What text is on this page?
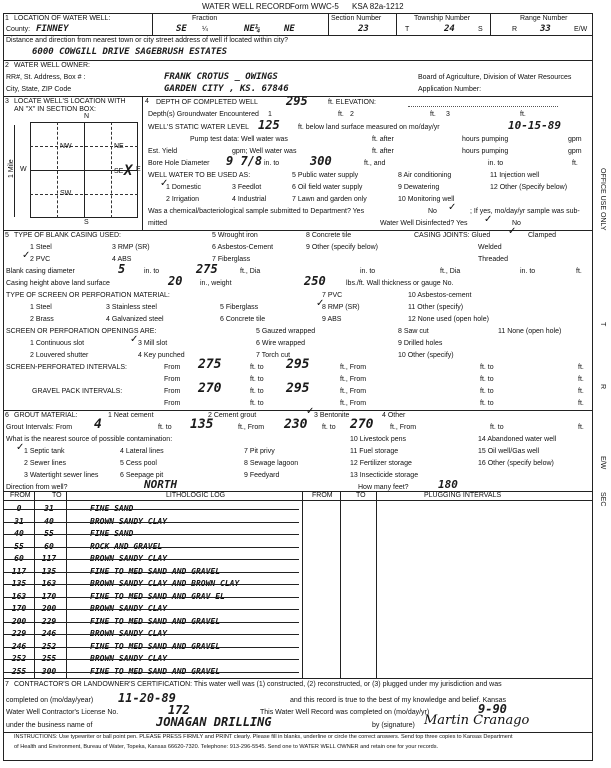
WATER WELL RECORD Form WWC-5 KSA 82a-1212
1 LOCATION OF WATER WELL:
County: FINNEY
Fraction
SE ¼	NE¼	NE
Section Number
23
Township Number
T	24	S
Range Number
R	33	E/W
Distance and direction from nearest town or city street address of well if located within city?
6000 COWGILL DRIVE SAGEBRUSH ESTATES
2 WATER WELL OWNER:
RR#, St. Address, Box # :	FRANK CROTUS _ OWINGS	Board of Agriculture, Division of Water Resources
City, State, ZIP Code	GARDEN CITY , KS. 67846	Application Number:
3 LOCATE WELL'S LOCATION WITH
AN "X" IN SECTION BOX:
N
S
W	E
1 Mile
NW	NE
SW
SE X
4 DEPTH OF COMPLETED WELL 295	ft. ELEVATION:
Depth(s) Groundwater Encountered 1	ft. 2	ft. 3	ft.
WELL'S STATIC WATER LEVEL 125	ft. below land surface measured on mo/day/yr	10-15-89
Pump test data: Well water was	ft. after	hours pumping	gpm
Est. Yield	gpm; Well water was	ft. after	hours pumping	gpm
Bore Hole Diameter 9 7/8 in. to	300	ft., and	in. to	ft.
WELL WATER TO BE USED AS:	5 Public water supply	8 Air conditioning	11 Injection well
1 Domestic
✓	3 Feedlot	6 Oil field water supply	9 Dewatering	12 Other (Specify below)
2 Irrigation	4 Industrial	7 Lawn and garden only	10 Monitoring well
Was a chemical/bacteriological sample submitted to Department? Yes	No ✓ ; If yes, mo/day/yr sample was sub-
mitted	Water Well Disinfected? Yes ✓	No
5 TYPE OF BLANK CASING USED:	5 Wrought iron	8 Concrete tile	CASING JOINTS: Glued ✓ Clamped
1 Steel	3 RMP (SR)	6 Asbestos-Cement	9 Other (specify below)	Welded
2 PVC
✓	4 ABS	7 Fiberglass	Threaded
Blank casing diameter	5	in. to	275	ft., Dia	in. to	ft., Dia	in. to	ft.
Casing height above land surface	20	in., weight	250	lbs./ft. Wall thickness or gauge No.
TYPE OF SCREEN OR PERFORATION MATERIAL:	7 PVC	10 Asbestos-cement
1 Steel	3 Stainless steel	5 Fiberglass	8 RMP (SR)
✓	11 Other (specify)
2 Brass	4 Galvanized steel	6 Concrete tile	9 ABS	12 None used (open hole)
SCREEN OR PERFORATION OPENINGS ARE:	5 Gauzed wrapped	8 Saw cut	11 None (open hole)
1 Continuous slot	3 Mill slot
✓	6 Wire wrapped	9 Drilled holes
2 Louvered shutter	4 Key punched	7 Torch cut	10 Other (specify)
SCREEN-PERFORATED INTERVALS:	From 275	ft. to 295	ft., From	ft. to	ft.
From	ft. to	ft., From	ft. to	ft.
GRAVEL PACK INTERVALS:	From 270	ft. to 295	ft., From	ft. to	ft.
From	ft. to	ft., From	ft. to	ft.
6 GROUT MATERIAL:	1 Neat cement	2 Cement grout	3 Bentonite
✓	4 Other
Grout Intervals: From 4	ft. to 135	ft., From 230 ft. to 270 ft., From	ft. to	ft.
What is the nearest source of possible contamination:	10 Livestock pens	14 Abandoned water well
1 Septic tank
✓	4 Lateral lines	7 Pit privy	11 Fuel storage	15 Oil well/Gas well
2 Sewer lines	5 Cess pool	8 Sewage lagoon	12 Fertilizer storage	16 Other (specify below)
3 Watertight sewer lines	6 Seepage pit	9 Feedyard	13 Insecticide storage
Direction from well?	NORTH	How many feet?	180
FROM	TO	LITHOLOGIC LOG	FROM	TO	PLUGGING INTERVALS
0	31	FINE SAND
31	40	BROWN SANDY CLAY
40	55	FINE SAND
55	60	ROCK AND GRAVEL
60	117	BROWN SANDY CLAY
117	135	FINE TO MED SAND AND GRAVEL
135	163	BROWN SANDY CLAY AND BROWN CLAY
163	170	FINE TO MED SAND AND GRAV EL
170	200	BROWN SANDY CLAY
200	229	FINE TO MED SAND AND GRAVEL
229	246	BROWN SANDY CLAY
246	252	FINE TO MED SAND AND GRAVEL
252	255	BROWN SANDY CLAY
255	300	FINE TO MED SAND AND GRAVEL
7 CONTRACTOR'S OR LANDOWNER'S CERTIFICATION: This water well was (1) constructed, (2) reconstructed, or (3) plugged under my jurisdiction and was
completed on (mo/day/year) 11-20-89	and this record is true to the best of my knowledge and belief. Kansas
Water Well Contractor's License No.	172	This Water Well Record was completed on (mo/day/yr)	9-90
under the business name of	JONAGAN DRILLING	by (signature) Martin Cranago
INSTRUCTIONS: Use typewriter or ball point pen. PLEASE PRESS FIRMLY and PRINT clearly. Please fill in blanks, underline or circle the correct answers. Send top three copies to Kansas Department
of Health and Environment, Bureau of Water, Topeka, Kansas 66620-7320. Telephone: 913-296-5545. Send one to WATER WELL OWNER and retain one for your records.
OFFICE USE ONLY
T
R
E/W
SEC
